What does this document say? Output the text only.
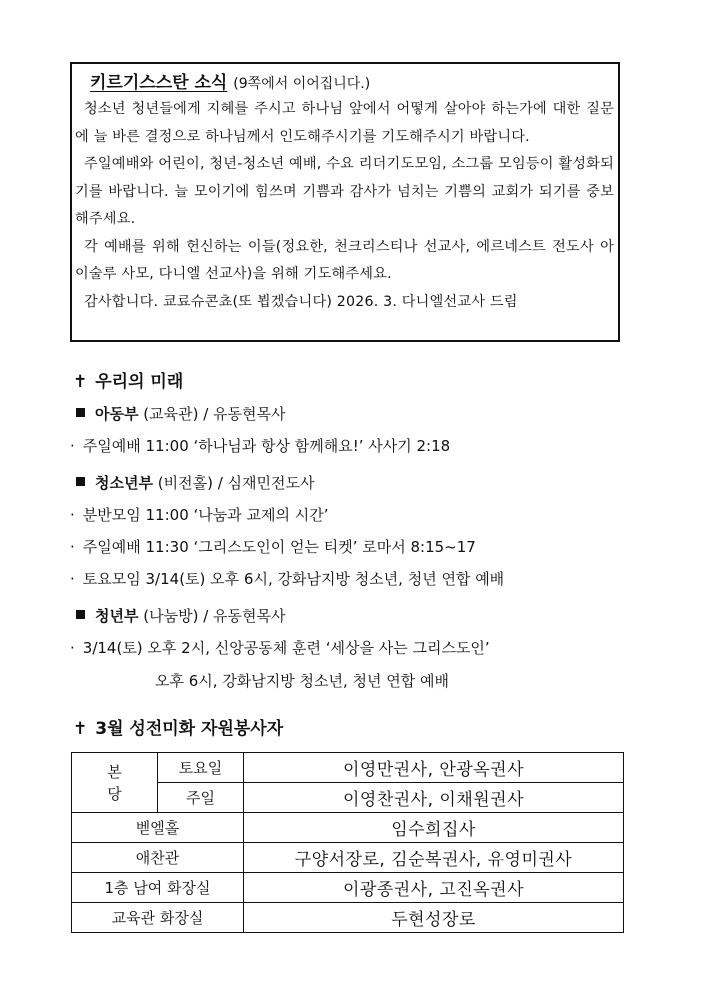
키르기스스탄 소식 (9쪽에서 이어집니다.)

청소년 청년들에게 지혜를 주시고 하나님 앞에서 어떻게 살아야 하는가에 대한 질문에 늘 바른 결정으로 하나님께서 인도해주시기를 기도해주시기 바랍니다.

주일예배와 어린이, 청년-청소년 예배, 수요 리더기도모임, 소그룹 모임등이 활성화되기를 바랍니다. 늘 모이기에 힘쓰며 기쁨과 감사가 넘치는 기쁨의 교회가 되기를 중보해주세요.

각 예배를 위해 헌신하는 이들(정요한, 천크리스티나 선교사, 에르네스트 전도사 아이술루 사모, 다니엘 선교사)을 위해 기도해주세요.

감사합니다. 쿄료슈콘쵸(또 뵙겠습니다) 2026. 3. 다니엘선교사 드림

✝ 우리의 미래
아동부 (교육관) / 유동현목사
· 주일예배 11:00 ‘하나님과 항상 함께해요!’ 사사기 2:18
청소년부 (비전홀) / 심재민전도사
· 분반모임 11:00 ‘나눔과 교제의 시간’
· 주일예배 11:30 ‘그리스도인이 얻는 티켓’ 로마서 8:15~17
· 토요모임 3/14(토) 오후 6시, 강화남지방 청소년, 청년 연합 예배
청년부 (나눔방) / 유동현목사
· 3/14(토) 오후 2시, 신앙공동체 훈련 ‘세상을 사는 그리스도인’
오후 6시, 강화남지방 청소년, 청년 연합 예배
✝ 3월 성전미화 자원봉사자
본
당	토요일	이영만권사, 안광옥권사
	주일	이영찬권사, 이채원권사
벧엘홀		임수희집사
애찬관		구양서장로, 김순복권사, 유영미권사
1층 남여 화장실		이광종권사, 고진옥권사
교육관 화장실		두현성장로
